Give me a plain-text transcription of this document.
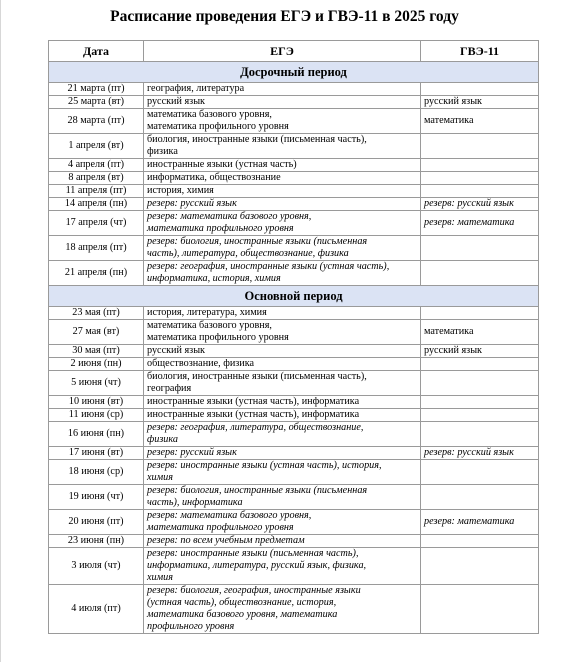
Расписание проведения ЕГЭ и ГВЭ-11 в 2025 году
Дата	ЕГЭ	ГВЭ-11
Досрочный период		
21 марта (пт)	география, литература	
25 марта (вт)	русский язык	русский язык
28 марта (пт)	математика базового уровня,
математика профильного уровня	математика
1 апреля (вт)	биология, иностранные языки (письменная часть),
физика	
4 апреля (пт)	иностранные языки (устная часть)	
8 апреля (вт)	информатика, обществознание	
11 апреля (пт)	история, химия	
14 апреля (пн)	резерв: русский язык	резерв: русский язык
17 апреля (чт)	резерв: математика базового уровня,
математика профильного уровня	резерв: математика
18 апреля (пт)	резерв: биология, иностранные языки (письменная
часть), литература, обществознание, физика	
21 апреля (пн)	резерв: география, иностранные языки (устная часть),
информатика, история, химия	
Основной период		
23 мая (пт)	история, литература, химия	
27 мая (вт)	математика базового уровня,
математика профильного уровня	математика
30 мая (пт)	русский язык	русский язык
2 июня (пн)	обществознание, физика	
5 июня (чт)	биология, иностранные языки (письменная часть),
география	
10 июня (вт)	иностранные языки (устная часть), информатика	
11 июня (ср)	иностранные языки (устная часть), информатика	
16 июня (пн)	резерв: география, литература, обществознание,
физика	
17 июня (вт)	резерв: русский язык	резерв: русский язык
18 июня (ср)	резерв: иностранные языки (устная часть), история,
химия	
19 июня (чт)	резерв: биология, иностранные языки (письменная
часть), информатика	
20 июня (пт)	резерв: математика базового уровня,
математика профильного уровня	резерв: математика
23 июня (пн)	резерв: по всем учебным предметам	
3 июля (чт)	резерв: иностранные языки (письменная часть),
информатика, литература, русский язык, физика,
химия	
4 июля (пт)	резерв: биология, география, иностранные языки
(устная часть), обществознание, история,
математика базового уровня, математика
профильного уровня	
